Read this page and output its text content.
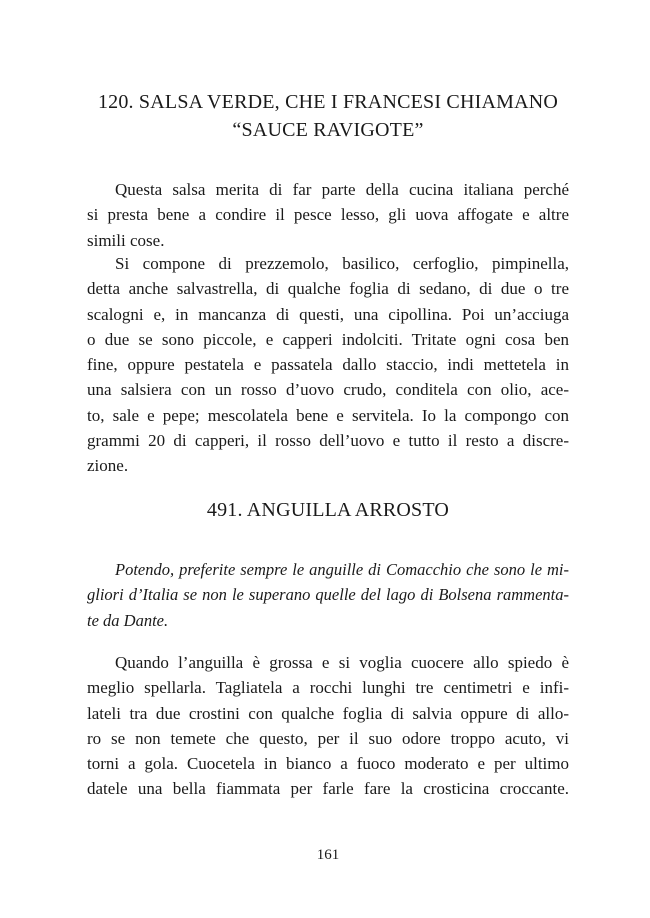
120. SALSA VERDE, CHE I FRANCESI CHIAMANO
“SAUCE RAVIGOTE”
Questa salsa merita di far parte della cucina italiana perché
si presta bene a condire il pesce lesso, gli uova affogate e altre
simili cose.
Si compone di prezzemolo, basilico, cerfoglio, pimpinella,
detta anche salvastrella, di qualche foglia di sedano, di due o tre
scalogni e, in mancanza di questi, una cipollina. Poi un’acciuga
o due se sono piccole, e capperi indolciti. Tritate ogni cosa ben
fine, oppure pestatela e passatela dallo staccio, indi mettetela in
una salsiera con un rosso d’uovo crudo, conditela con olio, ace-
to, sale e pepe; mescolatela bene e servitela. Io la compongo con
grammi 20 di capperi, il rosso dell’uovo e tutto il resto a discre-
zione.
491. ANGUILLA ARROSTO
Potendo, preferite sempre le anguille di Comacchio che sono le mi-
gliori d’Italia se non le superano quelle del lago di Bolsena rammenta-
te da Dante.
Quando l’anguilla è grossa e si voglia cuocere allo spiedo è
meglio spellarla. Tagliatela a rocchi lunghi tre centimetri e infi-
lateli tra due crostini con qualche foglia di salvia oppure di allo-
ro se non temete che questo, per il suo odore troppo acuto, vi
torni a gola. Cuocetela in bianco a fuoco moderato e per ultimo
datele una bella fiammata per farle fare la crosticina croccante.
161
